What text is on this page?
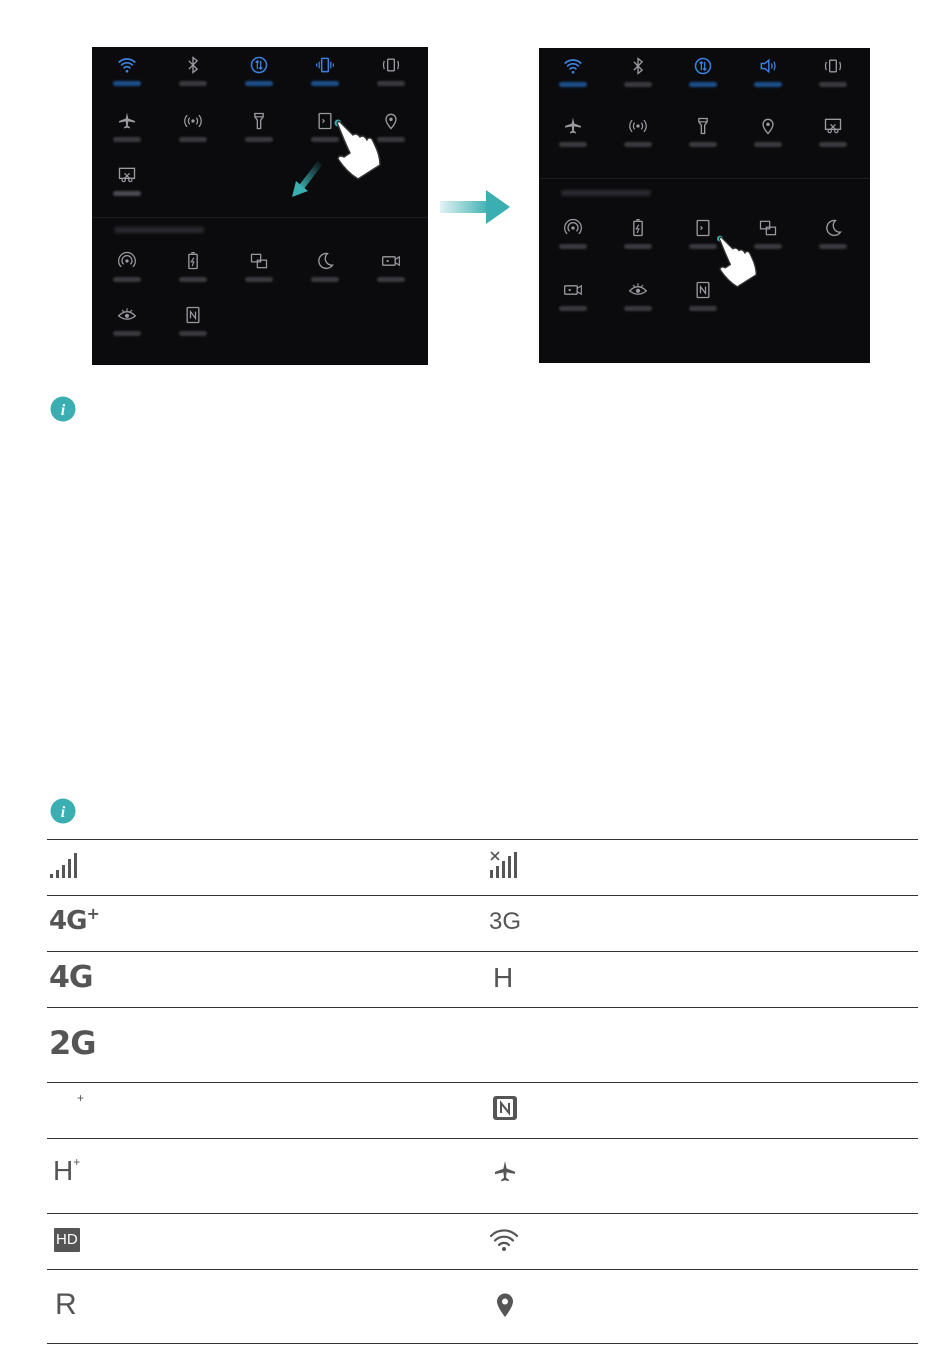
i
i
4G +	3G
4G	H
2G
+
H +
HD
R
